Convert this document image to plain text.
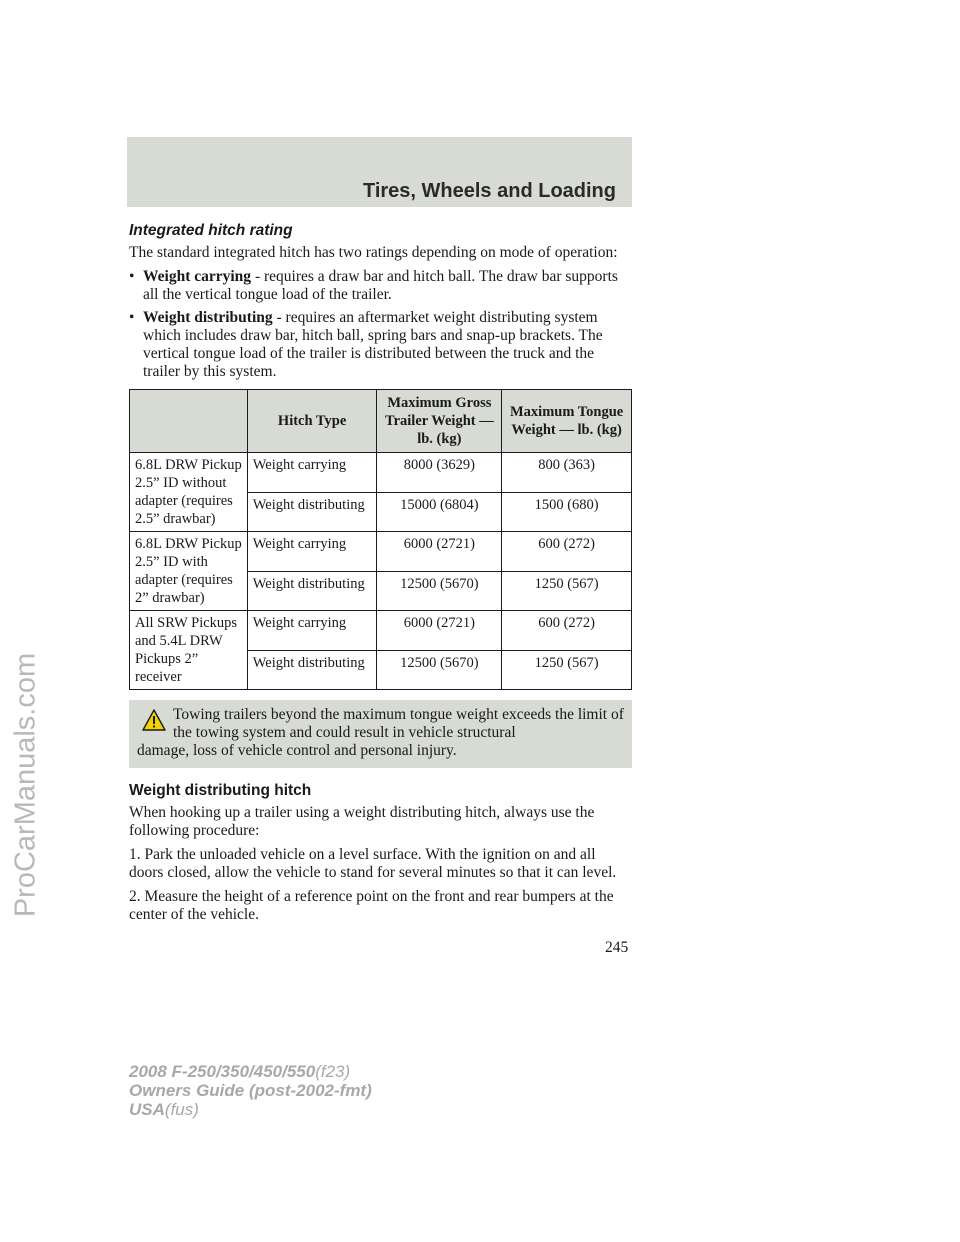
Tires, Wheels and Loading
Integrated hitch rating

The standard integrated hitch has two ratings depending on mode of operation:

• Weight carrying - requires a draw bar and hitch ball. The draw bar supports all the vertical tongue load of the trailer.
• Weight distributing - requires an aftermarket weight distributing system which includes draw bar, hitch ball, spring bars and snap-up brackets. The vertical tongue load of the trailer is distributed between the truck and the trailer by this system.
	Hitch Type	Maximum Gross Trailer Weight — lb. (kg)	Maximum Tongue Weight — lb. (kg)
6.8L DRW Pickup 2.5” ID without adapter (requires 2.5” drawbar)	Weight carrying	8000 (3629)	800 (363)
	Weight distributing	15000 (6804)	1500 (680)
6.8L DRW Pickup 2.5” ID with adapter (requires 2” drawbar)	Weight carrying	6000 (2721)	600 (272)
	Weight distributing	12500 (5670)	1250 (567)
All SRW Pickups and 5.4L DRW Pickups 2” receiver	Weight carrying	6000 (2721)	600 (272)
	Weight distributing	12500 (5670)	1250 (567)
Towing trailers beyond the maximum tongue weight exceeds the limit of the towing system and could result in vehicle structural
damage, loss of vehicle control and personal injury.
Weight distributing hitch

When hooking up a trailer using a weight distributing hitch, always use the following procedure:

1. Park the unloaded vehicle on a level surface. With the ignition on and all doors closed, allow the vehicle to stand for several minutes so that it can level.

2. Measure the height of a reference point on the front and rear bumpers at the center of the vehicle.

245
2008 F-250/350/450/550(f23)
Owners Guide (post-2002-fmt)
USA(fus)
ProCarManuals.com
